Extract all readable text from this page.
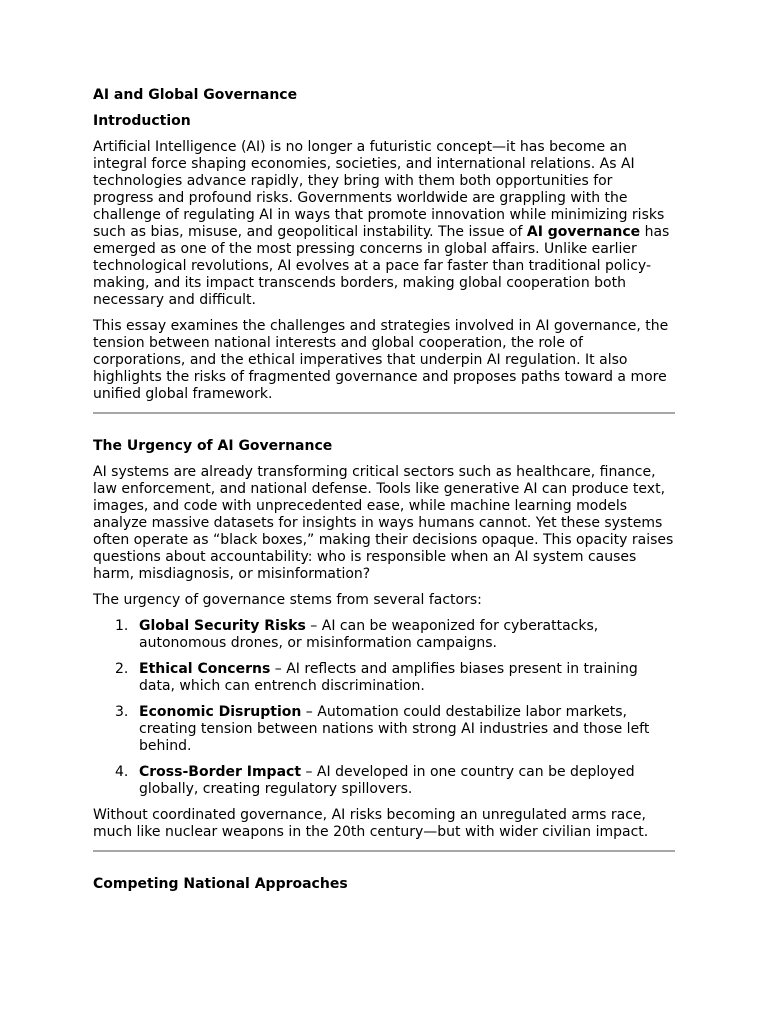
AI and Global Governance
Introduction

Artificial Intelligence (AI) is no longer a futuristic concept—it has become an integral force shaping economies, societies, and international relations. As AI technologies advance rapidly, they bring with them both opportunities for progress and profound risks. Governments worldwide are grappling with the challenge of regulating AI in ways that promote innovation while minimizing risks such as bias, misuse, and geopolitical instability. The issue of AI governance has emerged as one of the most pressing concerns in global affairs. Unlike earlier technological revolutions, AI evolves at a pace far faster than traditional policy-making, and its impact transcends borders, making global cooperation both necessary and difficult.

This essay examines the challenges and strategies involved in AI governance, the tension between national interests and global cooperation, the role of corporations, and the ethical imperatives that underpin AI regulation. It also highlights the risks of fragmented governance and proposes paths toward a more unified global framework.

The Urgency of AI Governance

AI systems are already transforming critical sectors such as healthcare, finance, law enforcement, and national defense. Tools like generative AI can produce text, images, and code with unprecedented ease, while machine learning models analyze massive datasets for insights in ways humans cannot. Yet these systems often operate as “black boxes,” making their decisions opaque. This opacity raises questions about accountability: who is responsible when an AI system causes harm, misdiagnosis, or misinformation?

The urgency of governance stems from several factors:

1. Global Security Risks – AI can be weaponized for cyberattacks, autonomous drones, or misinformation campaigns.
2. Ethical Concerns – AI reflects and amplifies biases present in training data, which can entrench discrimination.
3. Economic Disruption – Automation could destabilize labor markets, creating tension between nations with strong AI industries and those left behind.
4. Cross-Border Impact – AI developed in one country can be deployed globally, creating regulatory spillovers.

Without coordinated governance, AI risks becoming an unregulated arms race, much like nuclear weapons in the 20th century—but with wider civilian impact.

Competing National Approaches
